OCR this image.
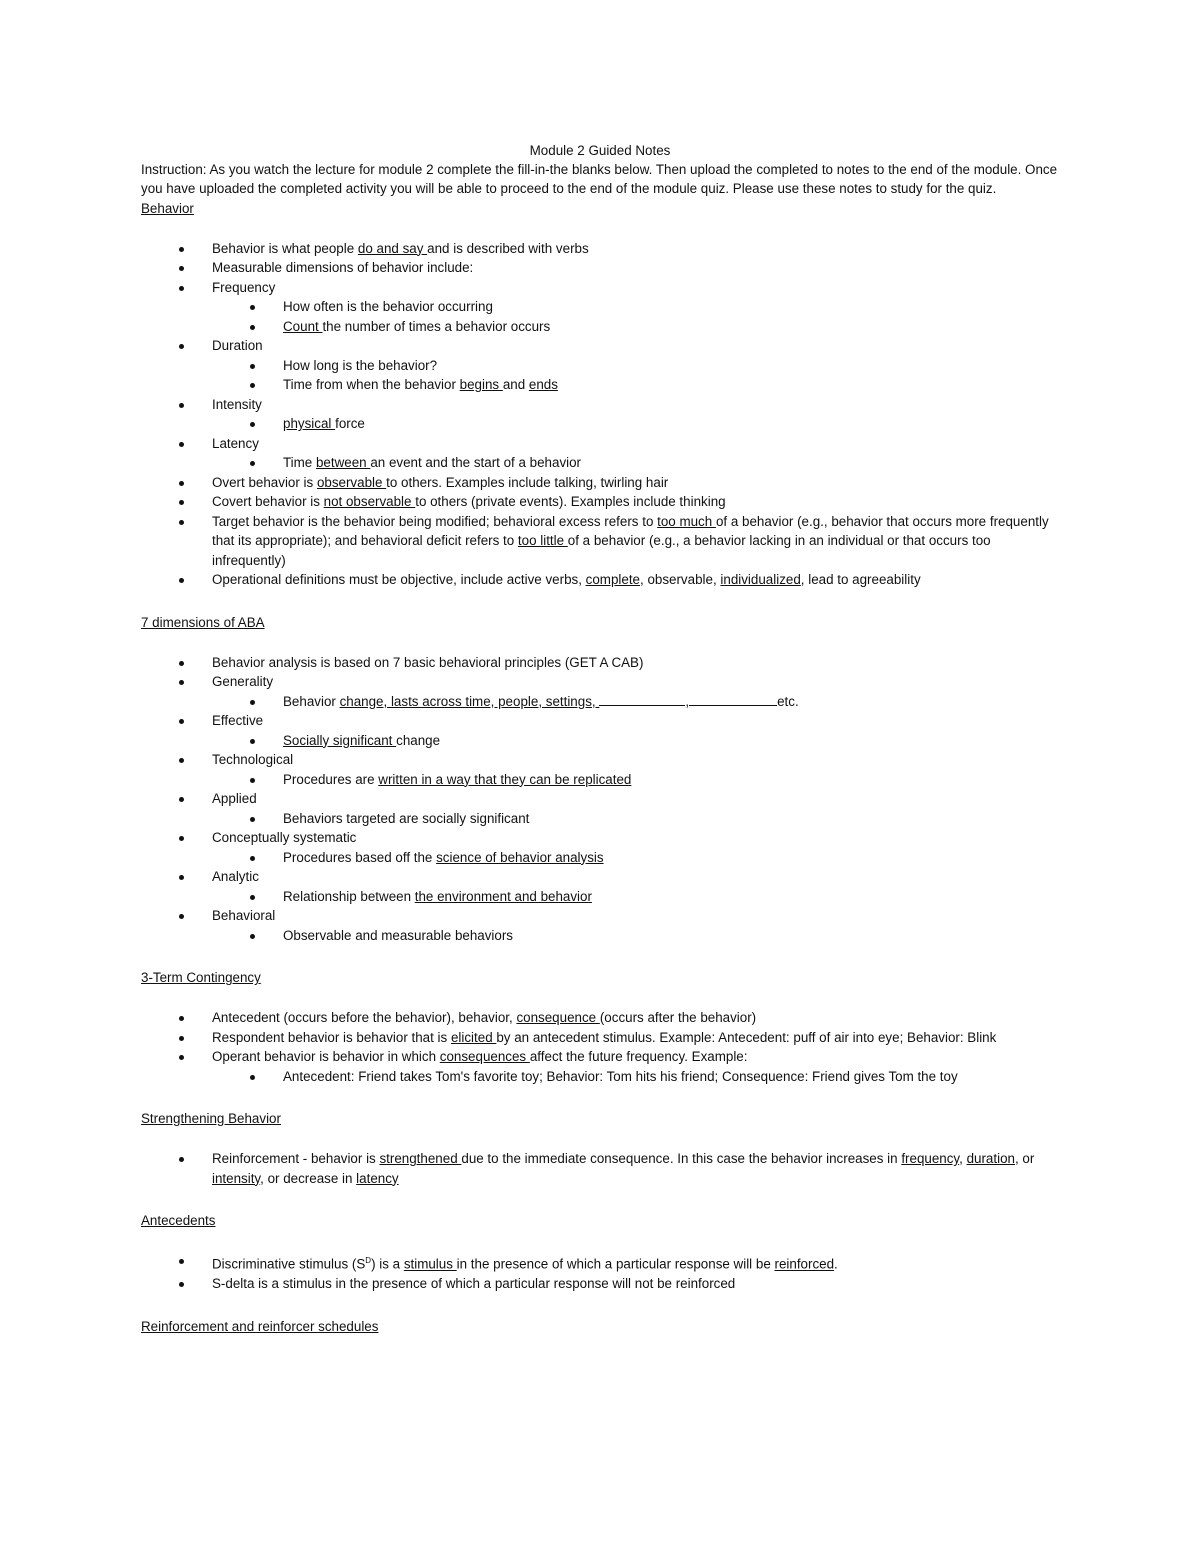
Module 2 Guided Notes
Instruction: As you watch the lecture for module 2 complete the fill-in-the blanks below. Then upload the completed to notes to the end of the module. Once you have uploaded the completed activity you will be able to proceed to the end of the module quiz. Please use these notes to study for the quiz.
Behavior
Behavior is what people do and say and is described with verbs
Measurable dimensions of behavior include:
Frequency
How often is the behavior occurring
Count the number of times a behavior occurs
Duration
How long is the behavior?
Time from when the behavior begins and ends
Intensity
physical force
Latency
Time between an event and the start of a behavior
Overt behavior is observable to others. Examples include talking, twirling hair
Covert behavior is not observable to others (private events). Examples include thinking
Target behavior is the behavior being modified; behavioral excess refers to too much of a behavior (e.g., behavior that occurs more frequently that its appropriate); and behavioral deficit refers to too little of a behavior (e.g., a behavior lacking in an individual or that occurs too infrequently)
Operational definitions must be objective, include active verbs, complete, observable, individualized, lead to agreeability
7 dimensions of ABA
Behavior analysis is based on 7 basic behavioral principles (GET A CAB)
Generality
Behavior change, lasts across time, people, settings,	,	etc.
Effective
Socially significant change
Technological
Procedures are written in a way that they can be replicated
Applied
Behaviors targeted are socially significant
Conceptually systematic
Procedures based off the science of behavior analysis
Analytic
Relationship between the environment and behavior
Behavioral
Observable and measurable behaviors
3-Term Contingency
Antecedent (occurs before the behavior), behavior, consequence (occurs after the behavior)
Respondent behavior is behavior that is elicited by an antecedent stimulus. Example: Antecedent: puff of air into eye; Behavior: Blink
Operant behavior is behavior in which consequences affect the future frequency. Example:
Antecedent: Friend takes Tom's favorite toy; Behavior: Tom hits his friend; Consequence: Friend gives Tom the toy
Strengthening Behavior
Reinforcement - behavior is strengthened due to the immediate consequence. In this case the behavior increases in frequency, duration, or intensity, or decrease in latency
Antecedents
Discriminative stimulus $(S^D)$ is a stimulus in the presence of which a particular response will be reinforced.
S-delta is a stimulus in the presence of which a particular response will not be reinforced
Reinforcement and reinforcer schedules
